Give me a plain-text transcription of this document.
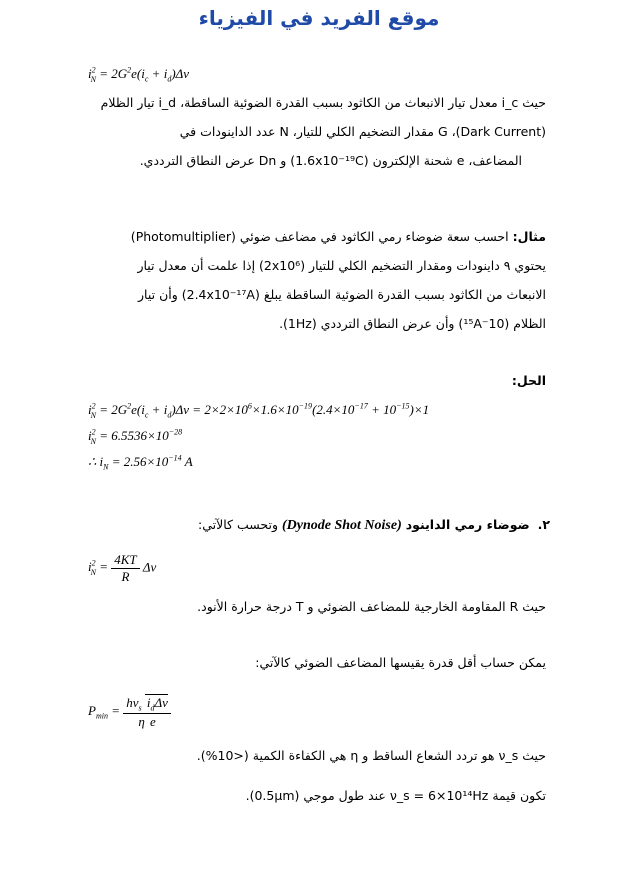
موقع الفريد في الفيزياء
$i^2_N = 2G^2e(i_c + i_d)\Delta\nu$
حيث i_c معدل تيار الانبعاث من الكاثود بسبب القدرة الضوئية الساقطة، i_d تيار الظلام
(Dark Current)، G مقدار التضخيم الكلي للتيار، N عدد الداينودات في
المضاعف، e شحنة الإلكترون (1.6x10⁻¹⁹C) و Dn عرض النطاق الترددي.
مثال: احسب سعة ضوضاء رمي الكاثود في مضاعف ضوئي (Photomultiplier)
يحتوي ٩ داينودات ومقدار التضخيم الكلي للتيار (2x10⁶) إذا علمت أن معدل تيار
الانبعاث من الكاثود بسبب القدرة الضوئية الساقطة يبلغ (2.4x10⁻¹⁷A) وأن تيار
الظلام (10⁻¹⁵A) وأن عرض النطاق الترددي (1Hz).
الحل:
$i^2_N = 2G^2e(i_c + i_d)\Delta\nu = 2\times 2\times 10^6\times 1.6\times 10^{-19}(2.4\times 10^{-17} + 10^{-15})\times 1$
$i^2_N = 6.5536\times 10^{-28}$
∴ $i_N = 2.56\times 10^{-14}$ A
٢.  ضوضاء رمي الداينود (Dynode Shot Noise) وتحسب كالآتي:
$i^2_N = \frac{4KT}{R}$ Δν
حيث R المقاومة الخارجية للمضاعف الضوئي و T درجة حرارة الأنود.
يمكن حساب أقل قدرة يقيسها المضاعف الضوئي كالآتي:
$P_{min} = \frac{h\nu_s i_d\Delta\nu}{\text{η e}}$
حيث ν_s هو تردد الشعاع الساقط و η هي الكفاءة الكمية (<10%).
تكون قيمة ν_s = 6×10¹⁴Hz عند طول موجي (0.5μm).
